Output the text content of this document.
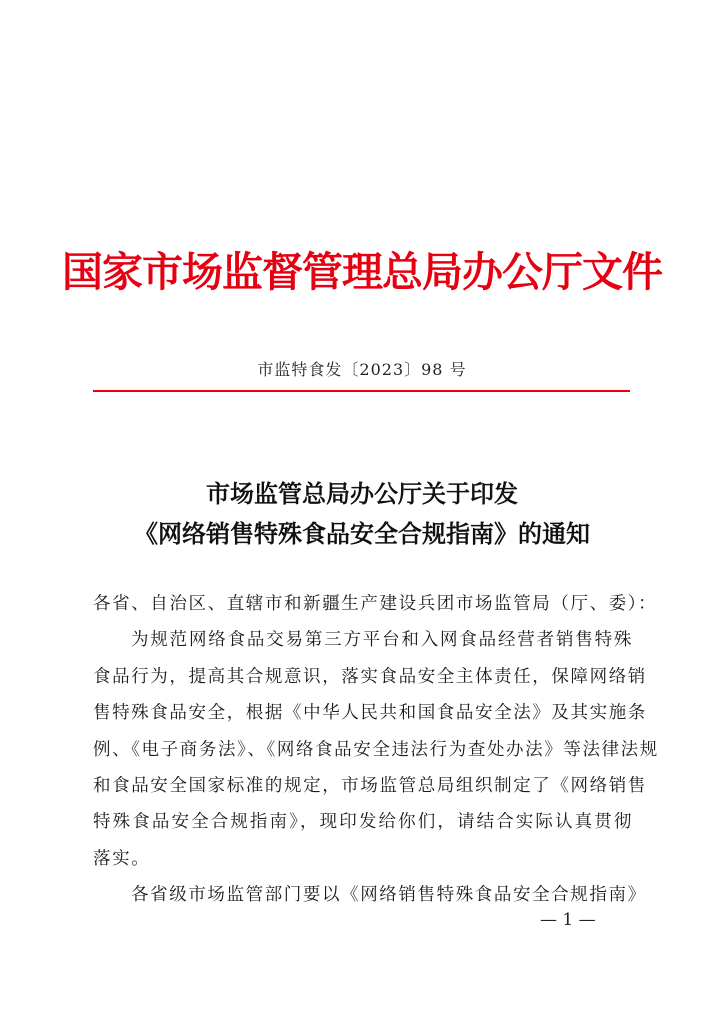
国家市场监督管理总局办公厅文件
市监特食发〔2023〕98 号
市场监管总局办公厅关于印发
《网络销售特殊食品安全合规指南》的通知
各省、自治区、直辖市和新疆生产建设兵团市场监管局（厅、委）：
为规范网络食品交易第三方平台和入网食品经营者销售特殊
食品行为，提高其合规意识，落实食品安全主体责任，保障网络销
售特殊食品安全，根据《中华人民共和国食品安全法》及其实施条
例、《电子商务法》、《网络食品安全违法行为查处办法》等法律法规
和食品安全国家标准的规定，市场监管总局组织制定了《网络销售
特殊食品安全合规指南》，现印发给你们，请结合实际认真贯彻
落实。
各省级市场监管部门要以《网络销售特殊食品安全合规指南》
— 1 —
